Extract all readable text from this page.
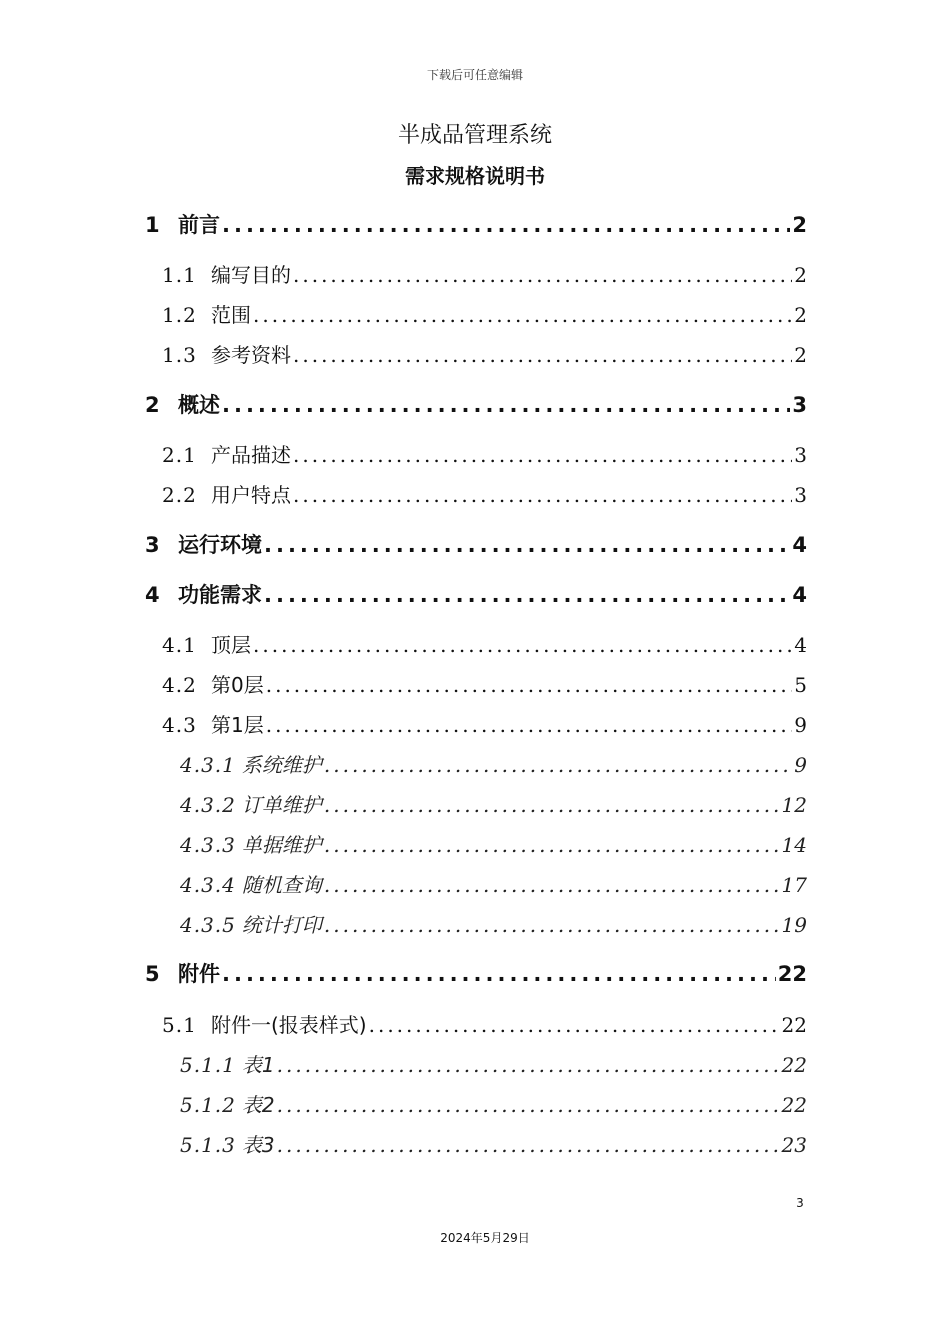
下载后可任意编辑
半成品管理系统
需求规格说明书
1 前言 .....	2
1.1 编写目的 .....	2
1.2 范围 .....	2
1.3 参考资料 .....	2
2 概述 .....	3
2.1 产品描述 .....	3
2.2 用户特点 .....	3
3 运行环境 .....	4
4 功能需求 .....	4
4.1 顶层 .....	4
4.2 第0层 .....	5
4.3 第1层 .....	9
4.3.1 系统维护 .....	9
4.3.2 订单维护 .....	12
4.3.3 单据维护 .....	14
4.3.4 随机查询 .....	17
4.3.5 统计打印 .....	19
5 附件 .....	22
5.1 附件一(报表样式) .....	22
5.1.1 表1 .....	22
5.1.2 表2 .....	22
5.1.3 表3 .....	23
3
2024年5月29日
